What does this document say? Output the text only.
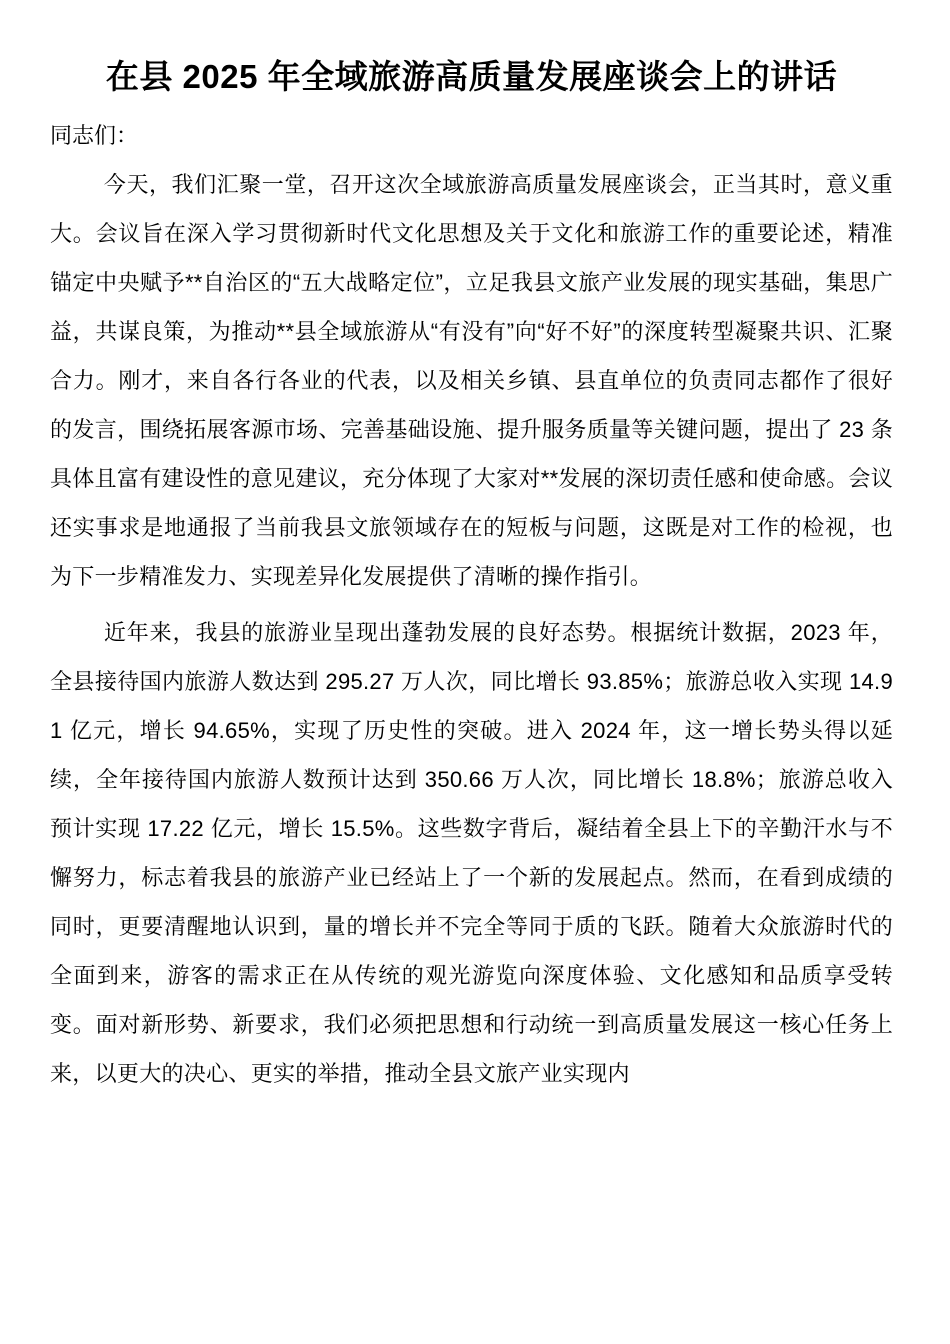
在县 2025 年全域旅游高质量发展座谈会上的讲话

同志们：

今天，我们汇聚一堂，召开这次全域旅游高质量发展座谈会，正当其时，意义重大。会议旨在深入学习贯彻新时代文化思想及关于文化和旅游工作的重要论述，精准锚定中央赋予**自治区的“五大战略定位”，立足我县文旅产业发展的现实基础，集思广益，共谋良策，为推动**县全域旅游从“有没有”向“好不好”的深度转型凝聚共识、汇聚合力。刚才，来自各行各业的代表，以及相关乡镇、县直单位的负责同志都作了很好的发言，围绕拓展客源市场、完善基础设施、提升服务质量等关键问题，提出了 23 条具体且富有建设性的意见建议，充分体现了大家对**发展的深切责任感和使命感。会议还实事求是地通报了当前我县文旅领域存在的短板与问题，这既是对工作的检视，也为下一步精准发力、实现差异化发展提供了清晰的操作指引。

近年来，我县的旅游业呈现出蓬勃发展的良好态势。根据统计数据，2023 年，全县接待国内旅游人数达到 295.27 万人次，同比增长 93.85%；旅游总收入实现 14.91 亿元，增长 94.65%，实现了历史性的突破。进入 2024 年，这一增长势头得以延续，全年接待国内旅游人数预计达到 350.66 万人次，同比增长 18.8%；旅游总收入预计实现 17.22 亿元，增长 15.5%。这些数字背后，凝结着全县上下的辛勤汗水与不懈努力，标志着我县的旅游产业已经站上了一个新的发展起点。然而，在看到成绩的同时，更要清醒地认识到，量的增长并不完全等同于质的飞跃。随着大众旅游时代的全面到来，游客的需求正在从传统的观光游览向深度体验、文化感知和品质享受转变。面对新形势、新要求，我们必须把思想和行动统一到高质量发展这一核心任务上来，以更大的决心、更实的举措，推动全县文旅产业实现内
